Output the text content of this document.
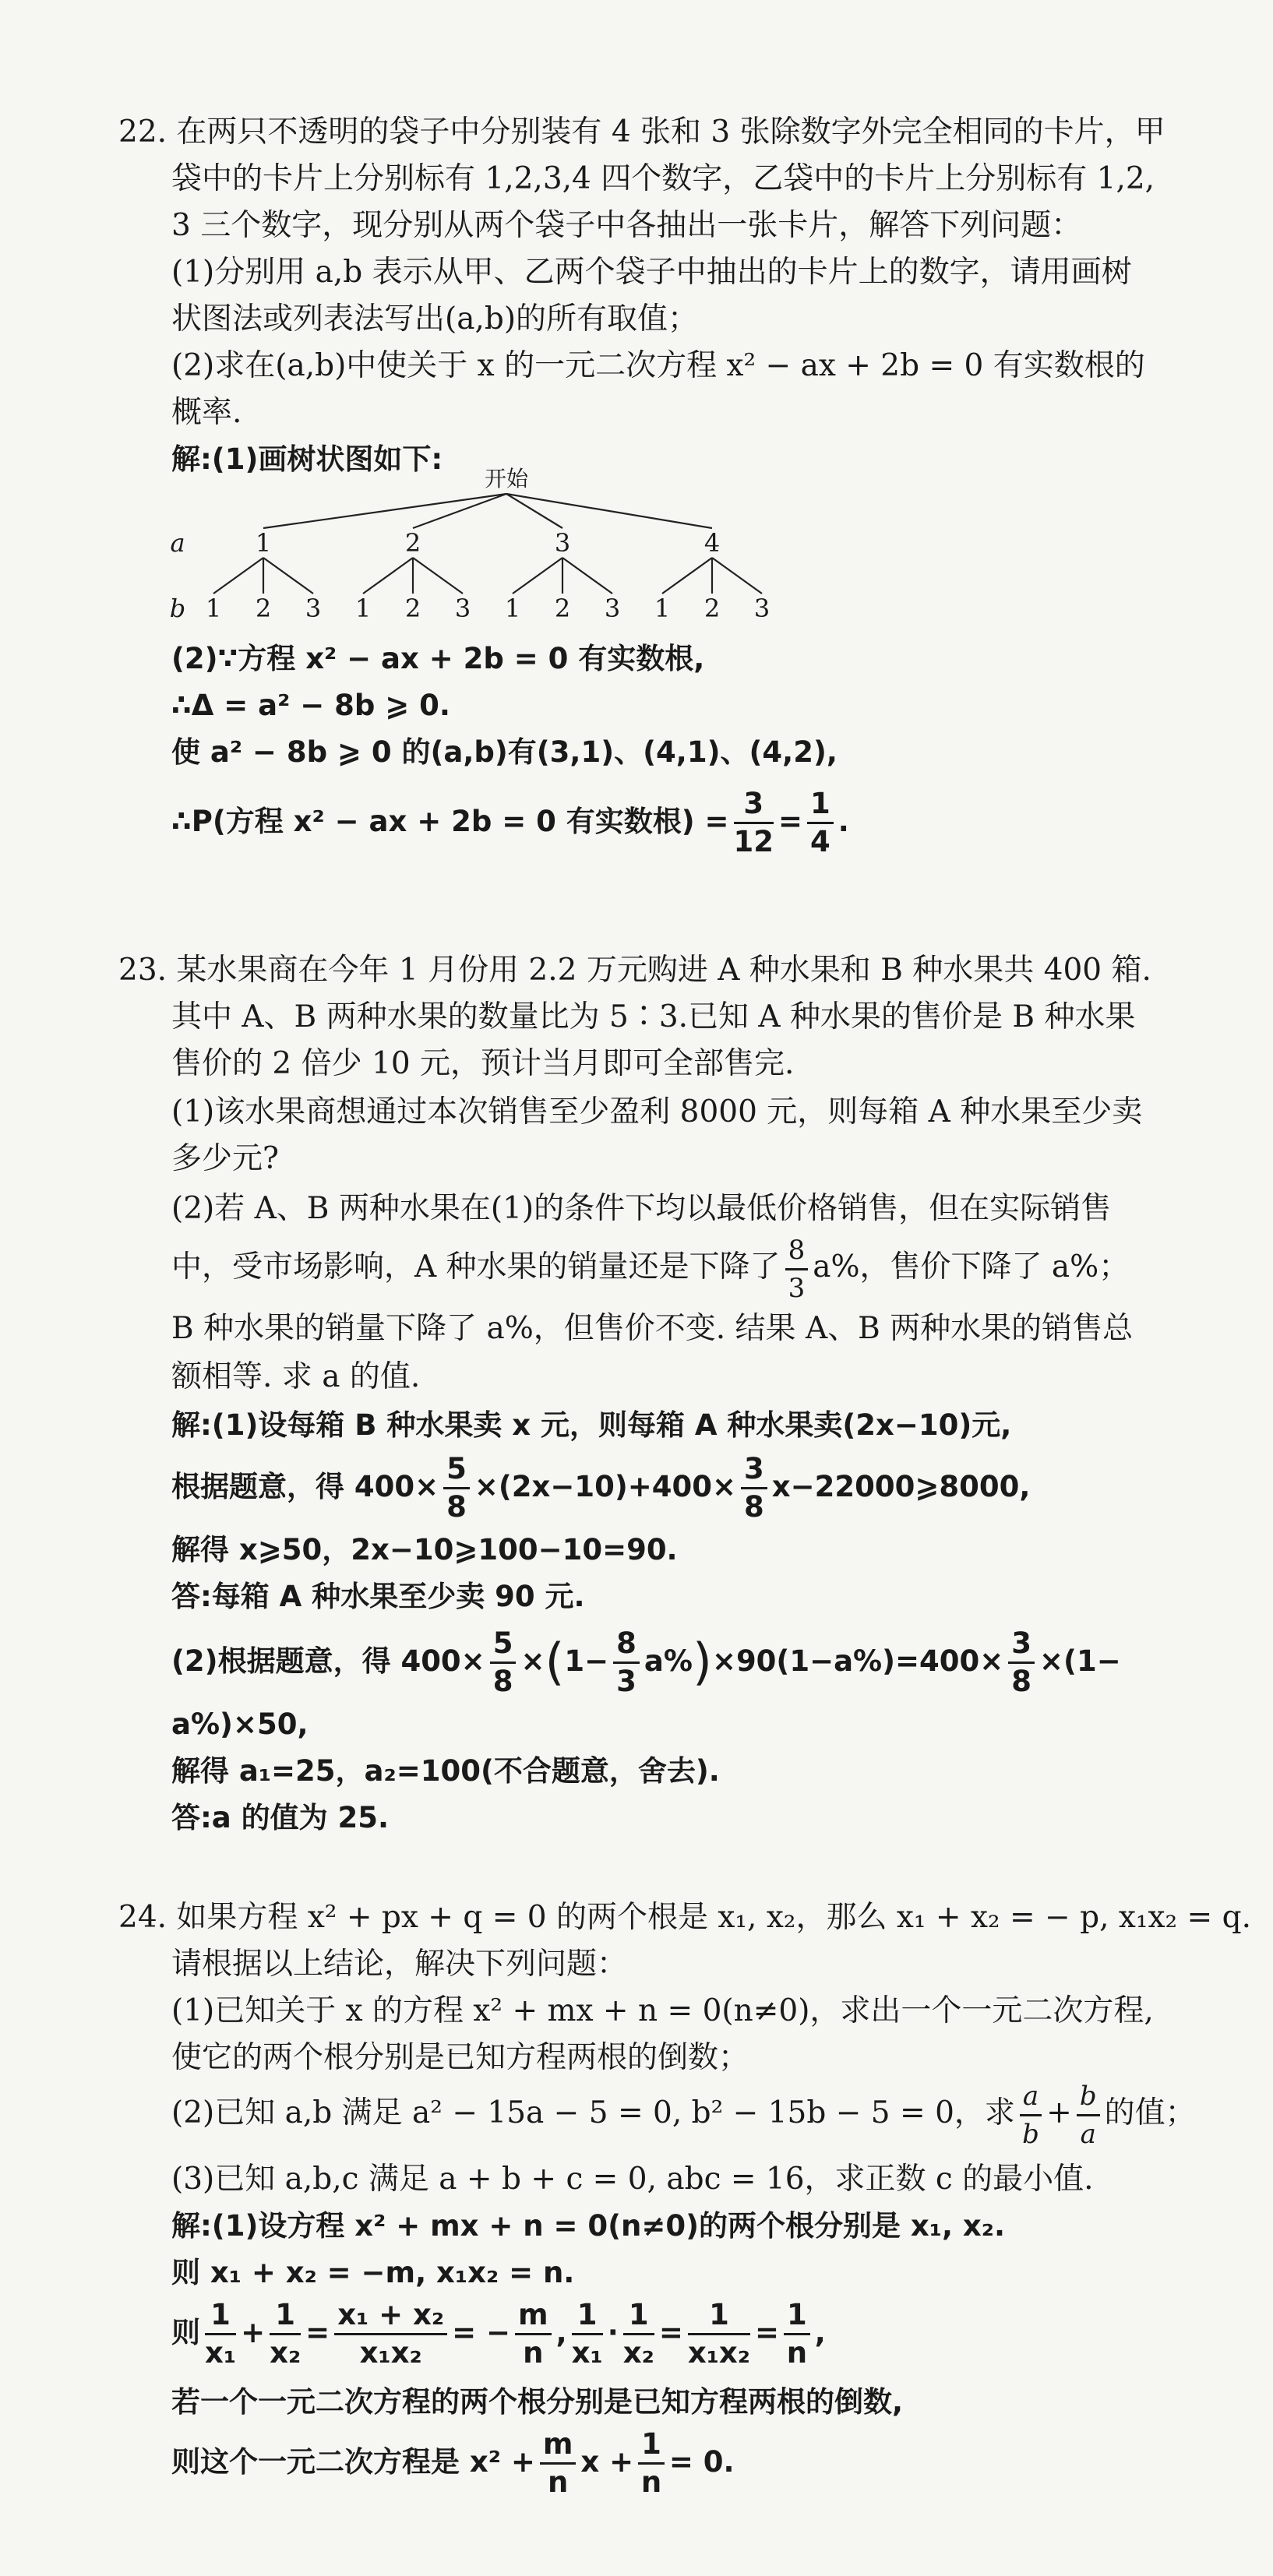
22. 在两只不透明的袋子中分别装有 4 张和 3 张除数字外完全相同的卡片，甲
袋中的卡片上分别标有 1,2,3,4 四个数字，乙袋中的卡片上分别标有 1,2,
3 三个数字，现分别从两个袋子中各抽出一张卡片，解答下列问题：
(1)分别用 a,b 表示从甲、乙两个袋子中抽出的卡片上的数字，请用画树
状图法或列表法写出(a,b)的所有取值；
(2)求在(a,b)中使关于 x 的一元二次方程 x² − ax + 2b = 0 有实数根的
概率.
解:(1)画树状图如下:
开始
a
b
1
1 2 3
2
1 2 3
3
1 2 3
4
1 2 3
(2)∵方程 x² − ax + 2b = 0 有实数根,
∴Δ = a² − 8b ⩾ 0.
使 a² − 8b ⩾ 0 的(a,b)有(3,1)、(4,1)、(4,2),
∴P(方程 x² − ax + 2b = 0 有实数根) = $\frac{3}{12} = \frac{1}{4}$ .
23. 某水果商在今年 1 月份用 2.2 万元购进 A 种水果和 B 种水果共 400 箱.
其中 A、B 两种水果的数量比为 5∶3.已知 A 种水果的售价是 B 种水果
售价的 2 倍少 10 元，预计当月即可全部售完.
(1)该水果商想通过本次销售至少盈利 8000 元，则每箱 A 种水果至少卖
多少元?
(2)若 A、B 两种水果在(1)的条件下均以最低价格销售，但在实际销售
中，受市场影响，A 种水果的销量还是下降了 $\frac{8}{3} a\%$，售价下降了 a%；
B 种水果的销量下降了 a%，但售价不变. 结果 A、B 两种水果的销售总
额相等. 求 a 的值.
解:(1)设每箱 B 种水果卖 x 元，则每箱 A 种水果卖(2x−10)元,
根据题意，得 $400\times \frac{5}{8} \times(2x-10)+400\times \frac{3}{8}$ x−22000⩾8000,
解得 x⩾50，2x−10⩾100−10=90.
答:每箱 A 种水果至少卖 90 元.
(2)根据题意，得 $400\times \frac{5}{8} \times(1- \frac{8}{3} a\%)\times 90(1-a\%)=400\times \frac{3}{8} \times(1-$
a%)×50,
解得 a₁=25，a₂=100(不合题意，舍去).
答:a 的值为 25.
24. 如果方程 x² + px + q = 0 的两个根是 x₁, x₂，那么 x₁ + x₂ = − p, x₁x₂ = q.
请根据以上结论，解决下列问题：
(1)已知关于 x 的方程 x² + mx + n = 0(n≠0)，求出一个一元二次方程,
使它的两个根分别是已知方程两根的倒数；
(2)已知 a,b 满足 a² − 15a − 5 = 0, b² − 15b − 5 = 0，求 $\frac{a}{b} + \frac{b}{a}$ 的值；
(3)已知 a,b,c 满足 a + b + c = 0, abc = 16，求正数 c 的最小值.
解:(1)设方程 x² + mx + n = 0(n≠0)的两个根分别是 x₁, x₂.
则 x₁ + x₂ = −m, x₁x₂ = n.
则 $\frac{1}{\text{x₁}} + \frac{1}{\text{x₂}} = \frac{\text{x₁ + x₂}}{\text{x₁x₂}}$ = − $\frac{m}{n}$ , $\frac{1}{\text{x₁}} \cdot \frac{1}{\text{x₂}} = \frac{1}{\text{x₁x₂}} = \frac{1}{n}$ ,
若一个一元二次方程的两个根分别是已知方程两根的倒数,
则这个一元二次方程是 $x^2 + \frac{m}{n}$ $x + \frac{1}{n} = 0$.
